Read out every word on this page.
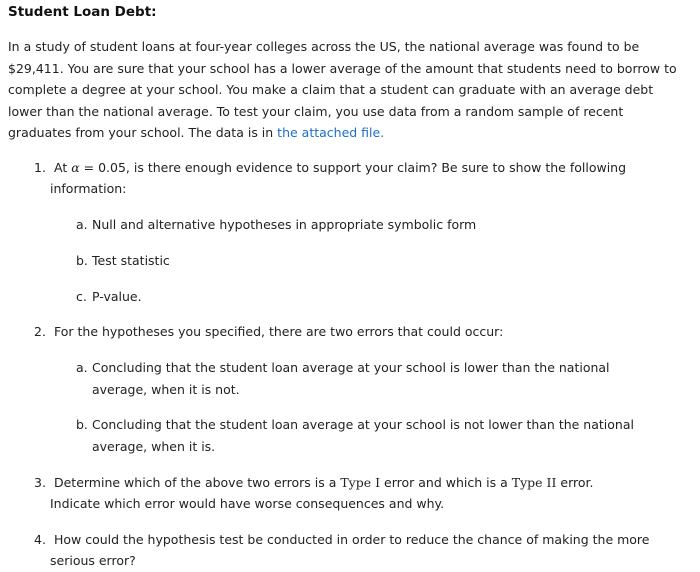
Student Loan Debt:
In a study of student loans at four-year colleges across the US, the national average was found to be $29,411. You are sure that your school has a lower average of the amount that students need to borrow to complete a degree at your school. You make a claim that a student can graduate with an average debt lower than the national average. To test your claim, you use data from a random sample of recent graduates from your school. The data is in the attached file.
1. At α = 0.05, is there enough evidence to support your claim? Be sure to show the following
information:
a. Null and alternative hypotheses in appropriate symbolic form
b. Test statistic
c. P-value.
2. For the hypotheses you specified, there are two errors that could occur:
a. Concluding that the student loan average at your school is lower than the national
average, when it is not.
b. Concluding that the student loan average at your school is not lower than the national
average, when it is.
3. Determine which of the above two errors is a Type I error and which is a Type II error.
Indicate which error would have worse consequences and why.
4. How could the hypothesis test be conducted in order to reduce the chance of making the more
serious error?
